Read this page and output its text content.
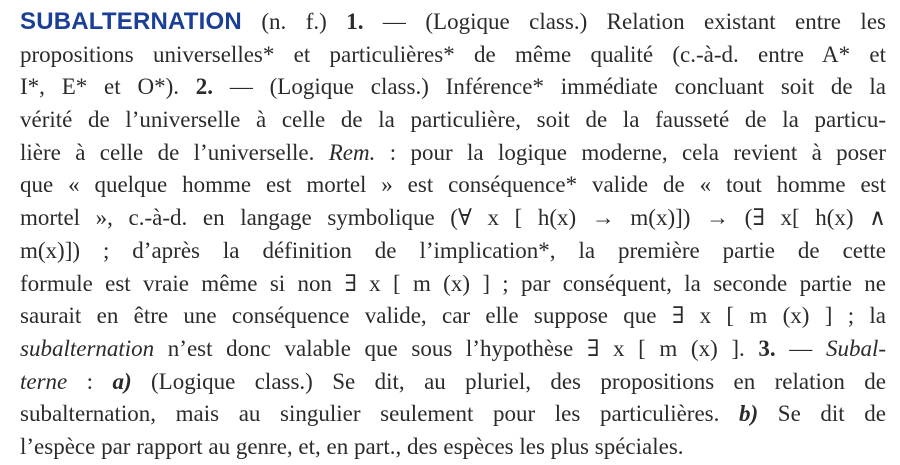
SUBALTERNATION (n. f.) 1. — (Logique class.) Relation existant entre les
propositions universelles* et particulières* de même qualité (c.-à-d. entre A* et
I*, E* et O*). 2. — (Logique class.) Inférence* immédiate concluant soit de la
vérité de l’universelle à celle de la particulière, soit de la fausseté de la particu-
lière à celle de l’universelle. Rem. : pour la logique moderne, cela revient à poser
que « quelque homme est mortel » est conséquence* valide de « tout homme est
mortel », c.-à-d. en langage symbolique (∀ x [ h(x) → m(x)]) → (∃ x[ h(x) ∧
m(x)]) ; d’après la définition de l’implication*, la première partie de cette
formule est vraie même si non ∃ x [ m (x) ] ; par conséquent, la seconde partie ne
saurait en être une conséquence valide, car elle suppose que ∃ x [ m (x) ] ; la
subalternation n’est donc valable que sous l’hypothèse ∃ x [ m (x) ]. 3. — Subal-
terne : a) (Logique class.) Se dit, au pluriel, des propositions en relation de
subalternation, mais au singulier seulement pour les particulières. b) Se dit de
l’espèce par rapport au genre, et, en part., des espèces les plus spéciales.
